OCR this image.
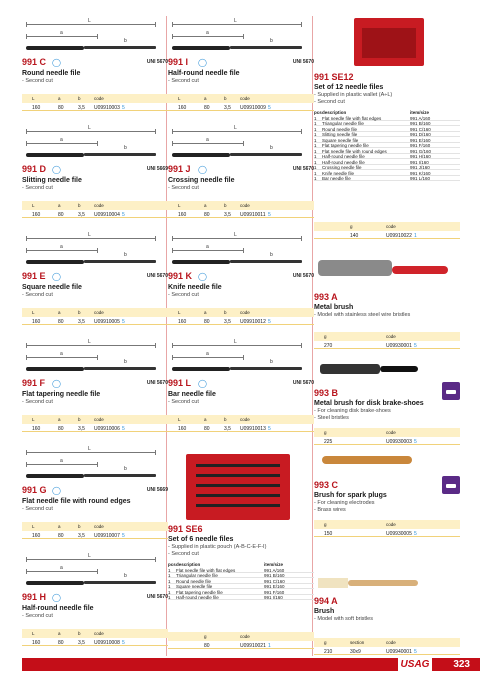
L
a
b
991 C ◯	UNI 5670
Round needle file
- Second cut
L	a	b	code
160	80	3,5 U09910003 5
L
a
b
991 D ◯	UNI 5669
Slitting needle file
- Second cut
L	a	b	code
160	80	3,5 U09910004 5
L
a
b
991 E ◯	UNI 5670
Square needle file
- Second cut
L	a	b	code
160	80	3,5 U09910005 5
L
a
b
991 F ◯	UNI 5670
Flat tapering needle file
- Second cut
L	a	b	code
160	80	3,5 U09910006 5
L
a
b
991 G ◯	UNI 5669
Flat needle file with round edges
- Second cut
L	a	b	code
160	80	3,5 U09910007 5
L
a
b
991 H ◯	UNI 5670
Half-round needle file
- Second cut
L	a	b	code
160	80	3,5 U09910008 5
L
a
b
991 I ◯	UNI 5670
Half-round needle file
- Second cut
L	a	b	code
160	80	3,5 U09910009 5
L
a
b
991 J ◯	UNI 5670
Crossing needle file
- Second cut
L	a	b	code
160	80	3,5 U09910011 5
L
a
b
991 K ◯	UNI 5670
Knife needle file
- Second cut
L	a	b	code
160	80	3,5 U09910012 5
L
a
b
991 L ◯	UNI 5670
Bar needle file
- Second cut
L	a	b	code
160	80	3,5 U09910013 5
991 SE12
Set of 12 needle files
- Supplied in plastic wallet (A÷L)
- Second cut
pcs description	item/size
1 Flat needle file with flat edges	991 A/160
1 Triangular needle file	991 B/160
1 Round needle file	991 C/160
1 Slitting needle file	991 D/160
1 Square needle file	991 E/160
1 Flat tapering needle file	991 F/160
1 Flat needle file with round edges	991 G/160
1 Half-round needle file	991 H/160
1 Half-round needle file	991 I/160
1 Crossing needle file	991 J/160
1 Knife needle file	991 K/160
1 Bar needle file	991 L/160
g	code
140	U09910022 1
993 A
Metal brush
- Model with stainless steel wire bristles
g	code
270	U09930001 5
993 B
Metal brush for disk brake-shoes
- For cleaning disk brake-shoes
- Steel bristles
g	code
225	U09930003 5
993 C
Brush for spark plugs
- For cleaning electrodes
- Brass wires
g	code
150	U09930005 5
994 A
Brush
- Model with soft bristles
g	section	code
210	30x9	U09940001 5
991 SE6
Set of 6 needle files
- Supplied in plastic pouch (A-B-C-E-F-I)
- Second cut
pcs description	item/size
1 Flat needle file with flat edges	991 A/160
1 Triangular needle file	991 B/160
1 Round needle file	991 C/160
1 Square needle file	991 E/160
1 Flat tapering needle file	991 F/160
1 Half-round needle file	991 I/160
g	code
80	U09910021 1
USAG 323
